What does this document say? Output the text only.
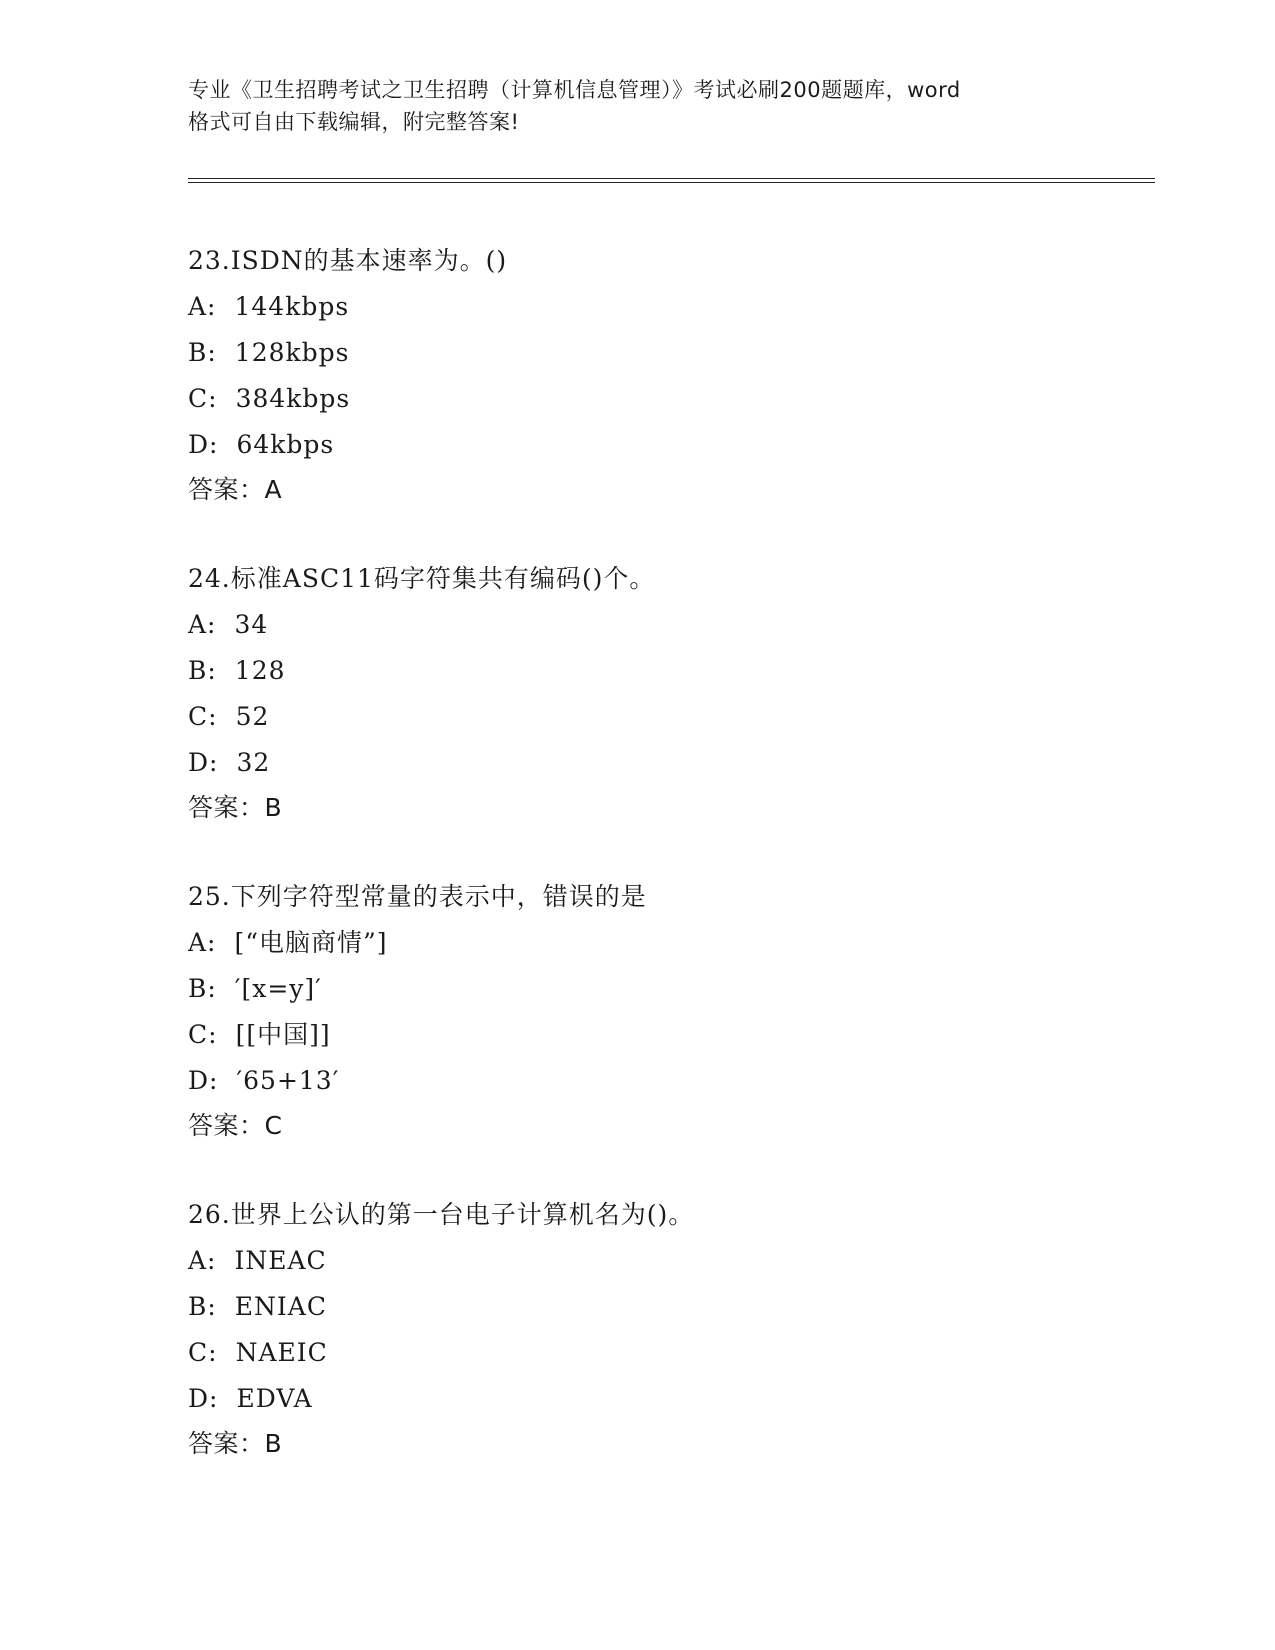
专业《卫生招聘考试之卫生招聘（计算机信息管理）》考试必刷200题题库，word
格式可自由下载编辑，附完整答案!
23.ISDN的基本速率为。()
A: 144kbps
B: 128kbps
C: 384kbps
D: 64kbps
答案：A
24.标准ASC11码字符集共有编码()个。
A: 34
B: 128
C: 52
D: 32
答案：B
25.下列字符型常量的表示中，错误的是
A: [“电脑商情”]
B: ′[x=y]′
C: [[中国]]
D: ′65+13′
答案：C
26.世界上公认的第一台电子计算机名为()。
A: INEAC
B: ENIAC
C: NAEIC
D: EDVA
答案：B
